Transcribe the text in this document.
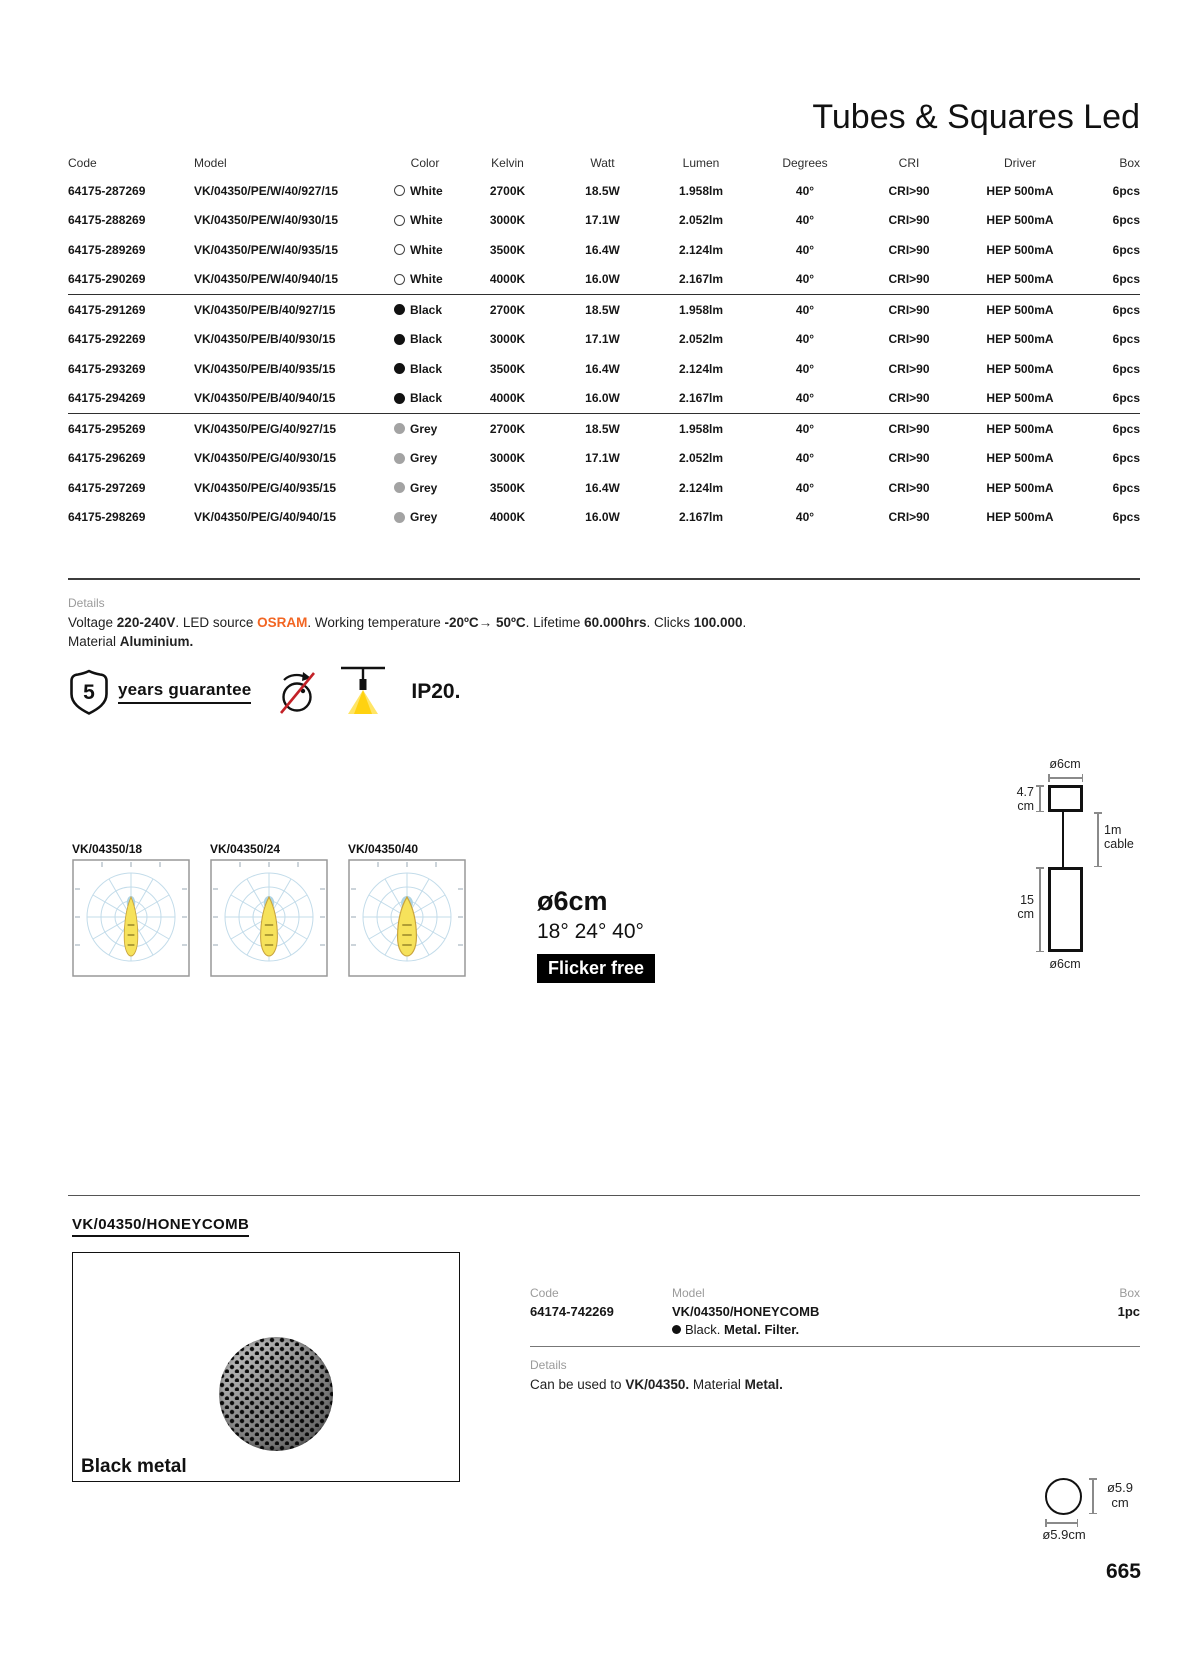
Tubes & Squares Led
Code	Model	Color	Kelvin	Watt	Lumen	Degrees	CRI	Driver	Box
64175-287269	VK/04350/PE/W/40/927/15	White	2700K	18.5W	1.958lm	40°	CRI>90	HEP 500mA	6pcs
64175-288269	VK/04350/PE/W/40/930/15	White	3000K	17.1W	2.052lm	40°	CRI>90	HEP 500mA	6pcs
64175-289269	VK/04350/PE/W/40/935/15	White	3500K	16.4W	2.124lm	40°	CRI>90	HEP 500mA	6pcs
64175-290269	VK/04350/PE/W/40/940/15	White	4000K	16.0W	2.167lm	40°	CRI>90	HEP 500mA	6pcs
64175-291269	VK/04350/PE/B/40/927/15	Black	2700K	18.5W	1.958lm	40°	CRI>90	HEP 500mA	6pcs
64175-292269	VK/04350/PE/B/40/930/15	Black	3000K	17.1W	2.052lm	40°	CRI>90	HEP 500mA	6pcs
64175-293269	VK/04350/PE/B/40/935/15	Black	3500K	16.4W	2.124lm	40°	CRI>90	HEP 500mA	6pcs
64175-294269	VK/04350/PE/B/40/940/15	Black	4000K	16.0W	2.167lm	40°	CRI>90	HEP 500mA	6pcs
64175-295269	VK/04350/PE/G/40/927/15	Grey	2700K	18.5W	1.958lm	40°	CRI>90	HEP 500mA	6pcs
64175-296269	VK/04350/PE/G/40/930/15	Grey	3000K	17.1W	2.052lm	40°	CRI>90	HEP 500mA	6pcs
64175-297269	VK/04350/PE/G/40/935/15	Grey	3500K	16.4W	2.124lm	40°	CRI>90	HEP 500mA	6pcs
64175-298269	VK/04350/PE/G/40/940/15	Grey	4000K	16.0W	2.167lm	40°	CRI>90	HEP 500mA	6pcs
Details
Voltage 220-240V. LED source OSRAM. Working temperature -20ºC→ 50ºC. Lifetime 60.000hrs. Clicks 100.000.
Material Aluminium.
5 years guarantee	IP20.
VK/04350/18	VK/04350/24	VK/04350/40
ø6cm
18° 24° 40°
Flicker free
ø6cm
4.7
cm
1m
cable
15
cm
ø6cm
VK/04350/HONEYCOMB
Black metal
Code
64174-742269
Model
VK/04350/HONEYCOMB
Black. Metal. Filter.
Box
1pc
Details
Can be used to VK/04350. Material Metal.
ø5.9
cm
ø5.9cm
665
